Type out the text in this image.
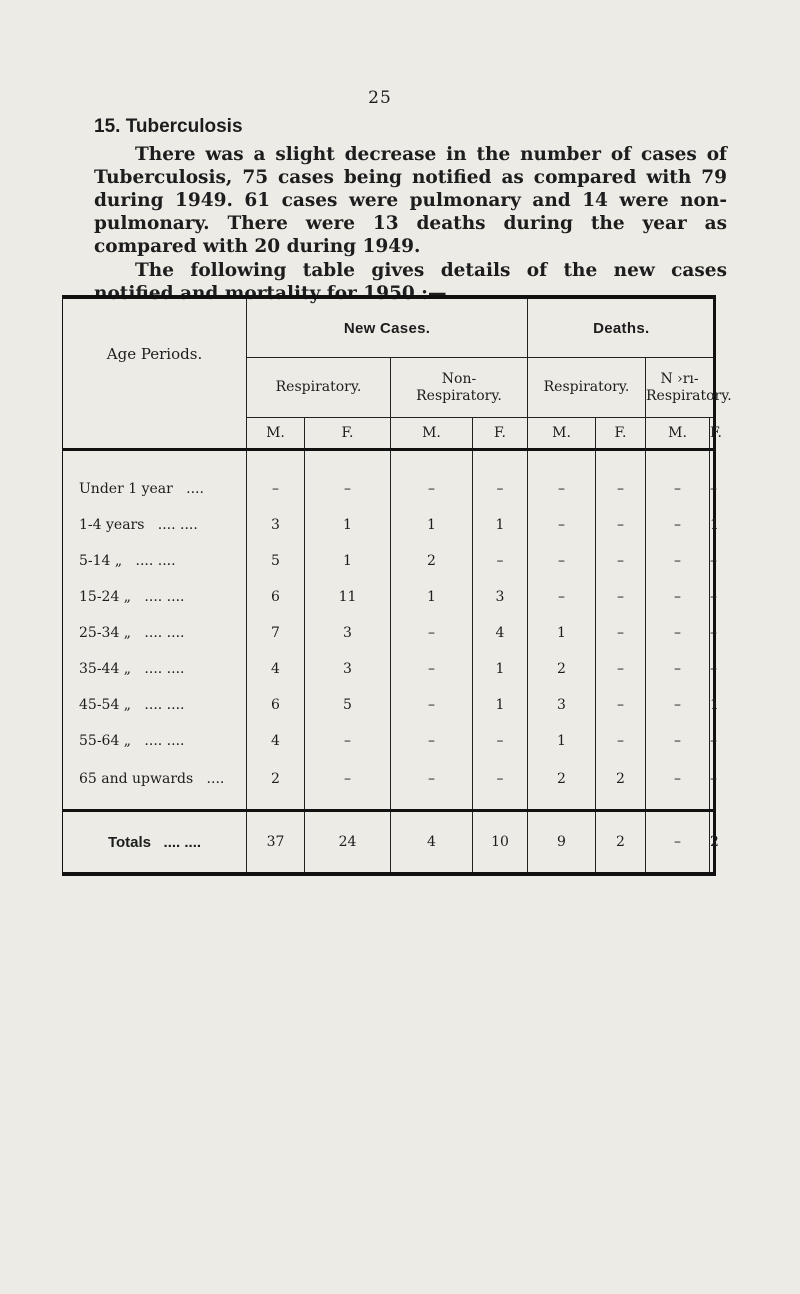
25
15. Tuberculosis

There was a slight decrease in the number of cases of Tuberculosis, 75 cases being notified as compared with 79 during 1949. 61 cases were pulmonary and 14 were non-pulmonary. There were 13 deaths during the year as compared with 20 during 1949.

The following table gives details of the new cases notified and mortality for 1950 :—

Age Periods.	New Cases.				Deaths.			
	Respiratory.		Non-
Respiratory.		Respiratory.		N ›rı-
Respiratory.	
	M.	F.	M.	F.	M.	F.	M.	F.
Under 1 year ....	–	–	–	–	–	–	–	–
1-4 years .... ....	3	1	1	1	–	–	–	1
5-14 „ .... ....	5	1	2	–	–	–	–	–
15-24 „ .... ....	6	11	1	3	–	–	–	–
25-34 „ .... ....	7	3	–	4	1	–	–	–
35-44 „ .... ....	4	3	–	1	2	–	–	–
45-54 „ .... ....	6	5	–	1	3	–	–	1
55-64 „ .... ....	4	–	–	–	1	–	–	–
65 and upwards ....	2	–	–	–	2	2	–	–
Totals .... ....	37	24	4	10	9	2	–	2
